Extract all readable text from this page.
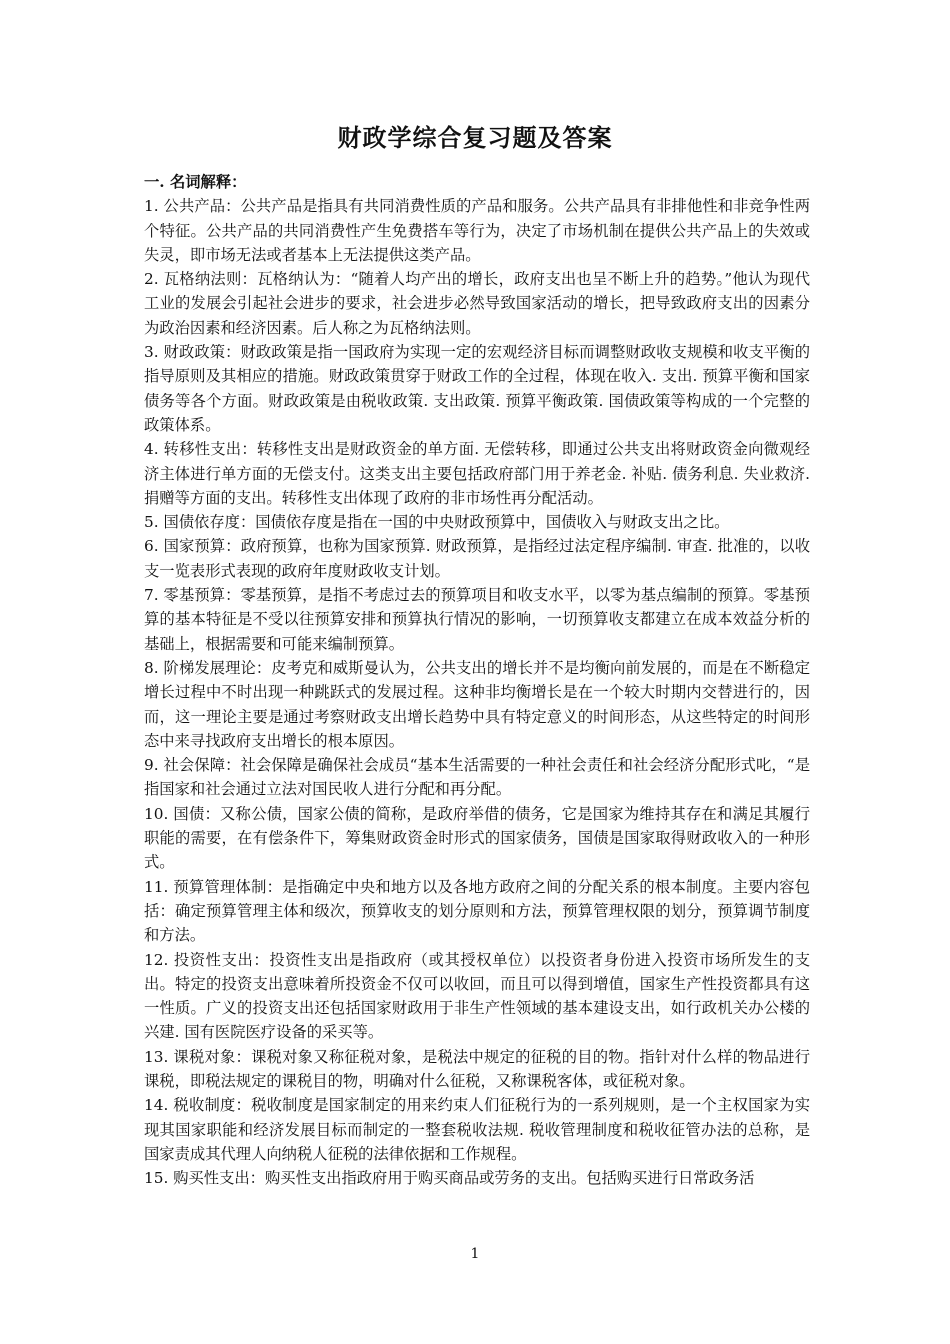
财政学综合复习题及答案

一. 名词解释：

1. 公共产品：公共产品是指具有共同消费性质的产品和服务。公共产品具有非排他性和非竞争性两个特征。公共产品的共同消费性产生免费搭车等行为，决定了市场机制在提供公共产品上的失效或失灵，即市场无法或者基本上无法提供这类产品。

2. 瓦格纳法则：瓦格纳认为：“随着人均产出的增长，政府支出也呈不断上升的趋势。”他认为现代工业的发展会引起社会进步的要求，社会进步必然导致国家活动的增长，把导致政府支出的因素分为政治因素和经济因素。后人称之为瓦格纳法则。

3. 财政政策：财政政策是指一国政府为实现一定的宏观经济目标而调整财政收支规模和收支平衡的指导原则及其相应的措施。财政政策贯穿于财政工作的全过程，体现在收入. 支出. 预算平衡和国家债务等各个方面。财政政策是由税收政策. 支出政策. 预算平衡政策. 国债政策等构成的一个完整的政策体系。

4. 转移性支出：转移性支出是财政资金的单方面. 无偿转移，即通过公共支出将财政资金向微观经济主体进行单方面的无偿支付。这类支出主要包括政府部门用于养老金. 补贴. 债务利息. 失业救济. 捐赠等方面的支出。转移性支出体现了政府的非市场性再分配活动。

5. 国债依存度：国债依存度是指在一国的中央财政预算中，国债收入与财政支出之比。

6. 国家预算：政府预算，也称为国家预算. 财政预算，是指经过法定程序编制. 审查. 批准的，以收支一览表形式表现的政府年度财政收支计划。

7. 零基预算：零基预算，是指不考虑过去的预算项目和收支水平，以零为基点编制的预算。零基预算的基本特征是不受以往预算安排和预算执行情况的影响，一切预算收支都建立在成本效益分析的基础上，根据需要和可能来编制预算。

8. 阶梯发展理论：皮考克和威斯曼认为，公共支出的增长并不是均衡向前发展的，而是在不断稳定增长过程中不时出现一种跳跃式的发展过程。这种非均衡增长是在一个较大时期内交替进行的，因而，这一理论主要是通过考察财政支出增长趋势中具有特定意义的时间形态，从这些特定的时间形态中来寻找政府支出增长的根本原因。

9. 社会保障：社会保障是确保社会成员“基本生活需要的一种社会责任和社会经济分配形式叱，“是指国家和社会通过立法对国民收人进行分配和再分配。

10. 国债：又称公债，国家公债的简称，是政府举借的债务，它是国家为维持其存在和满足其履行职能的需要，在有偿条件下，筹集财政资金时形式的国家债务，国债是国家取得财政收入的一种形式。

11. 预算管理体制：是指确定中央和地方以及各地方政府之间的分配关系的根本制度。主要内容包括：确定预算管理主体和级次，预算收支的划分原则和方法，预算管理权限的划分，预算调节制度和方法。

12. 投资性支出：投资性支出是指政府（或其授权单位）以投资者身份进入投资市场所发生的支出。特定的投资支出意味着所投资金不仅可以收回，而且可以得到增值，国家生产性投资都具有这一性质。广义的投资支出还包括国家财政用于非生产性领域的基本建设支出，如行政机关办公楼的兴建. 国有医院医疗设备的采买等。

13. 课税对象：课税对象又称征税对象，是税法中规定的征税的目的物。指针对什么样的物品进行课税，即税法规定的课税目的物，明确对什么征税，又称课税客体，或征税对象。

14. 税收制度：税收制度是国家制定的用来约束人们征税行为的一系列规则，是一个主权国家为实现其国家职能和经济发展目标而制定的一整套税收法规. 税收管理制度和税收征管办法的总称，是国家责成其代理人向纳税人征税的法律依据和工作规程。

15. 购买性支出：购买性支出指政府用于购买商品或劳务的支出。包括购买进行日常政务活

1
